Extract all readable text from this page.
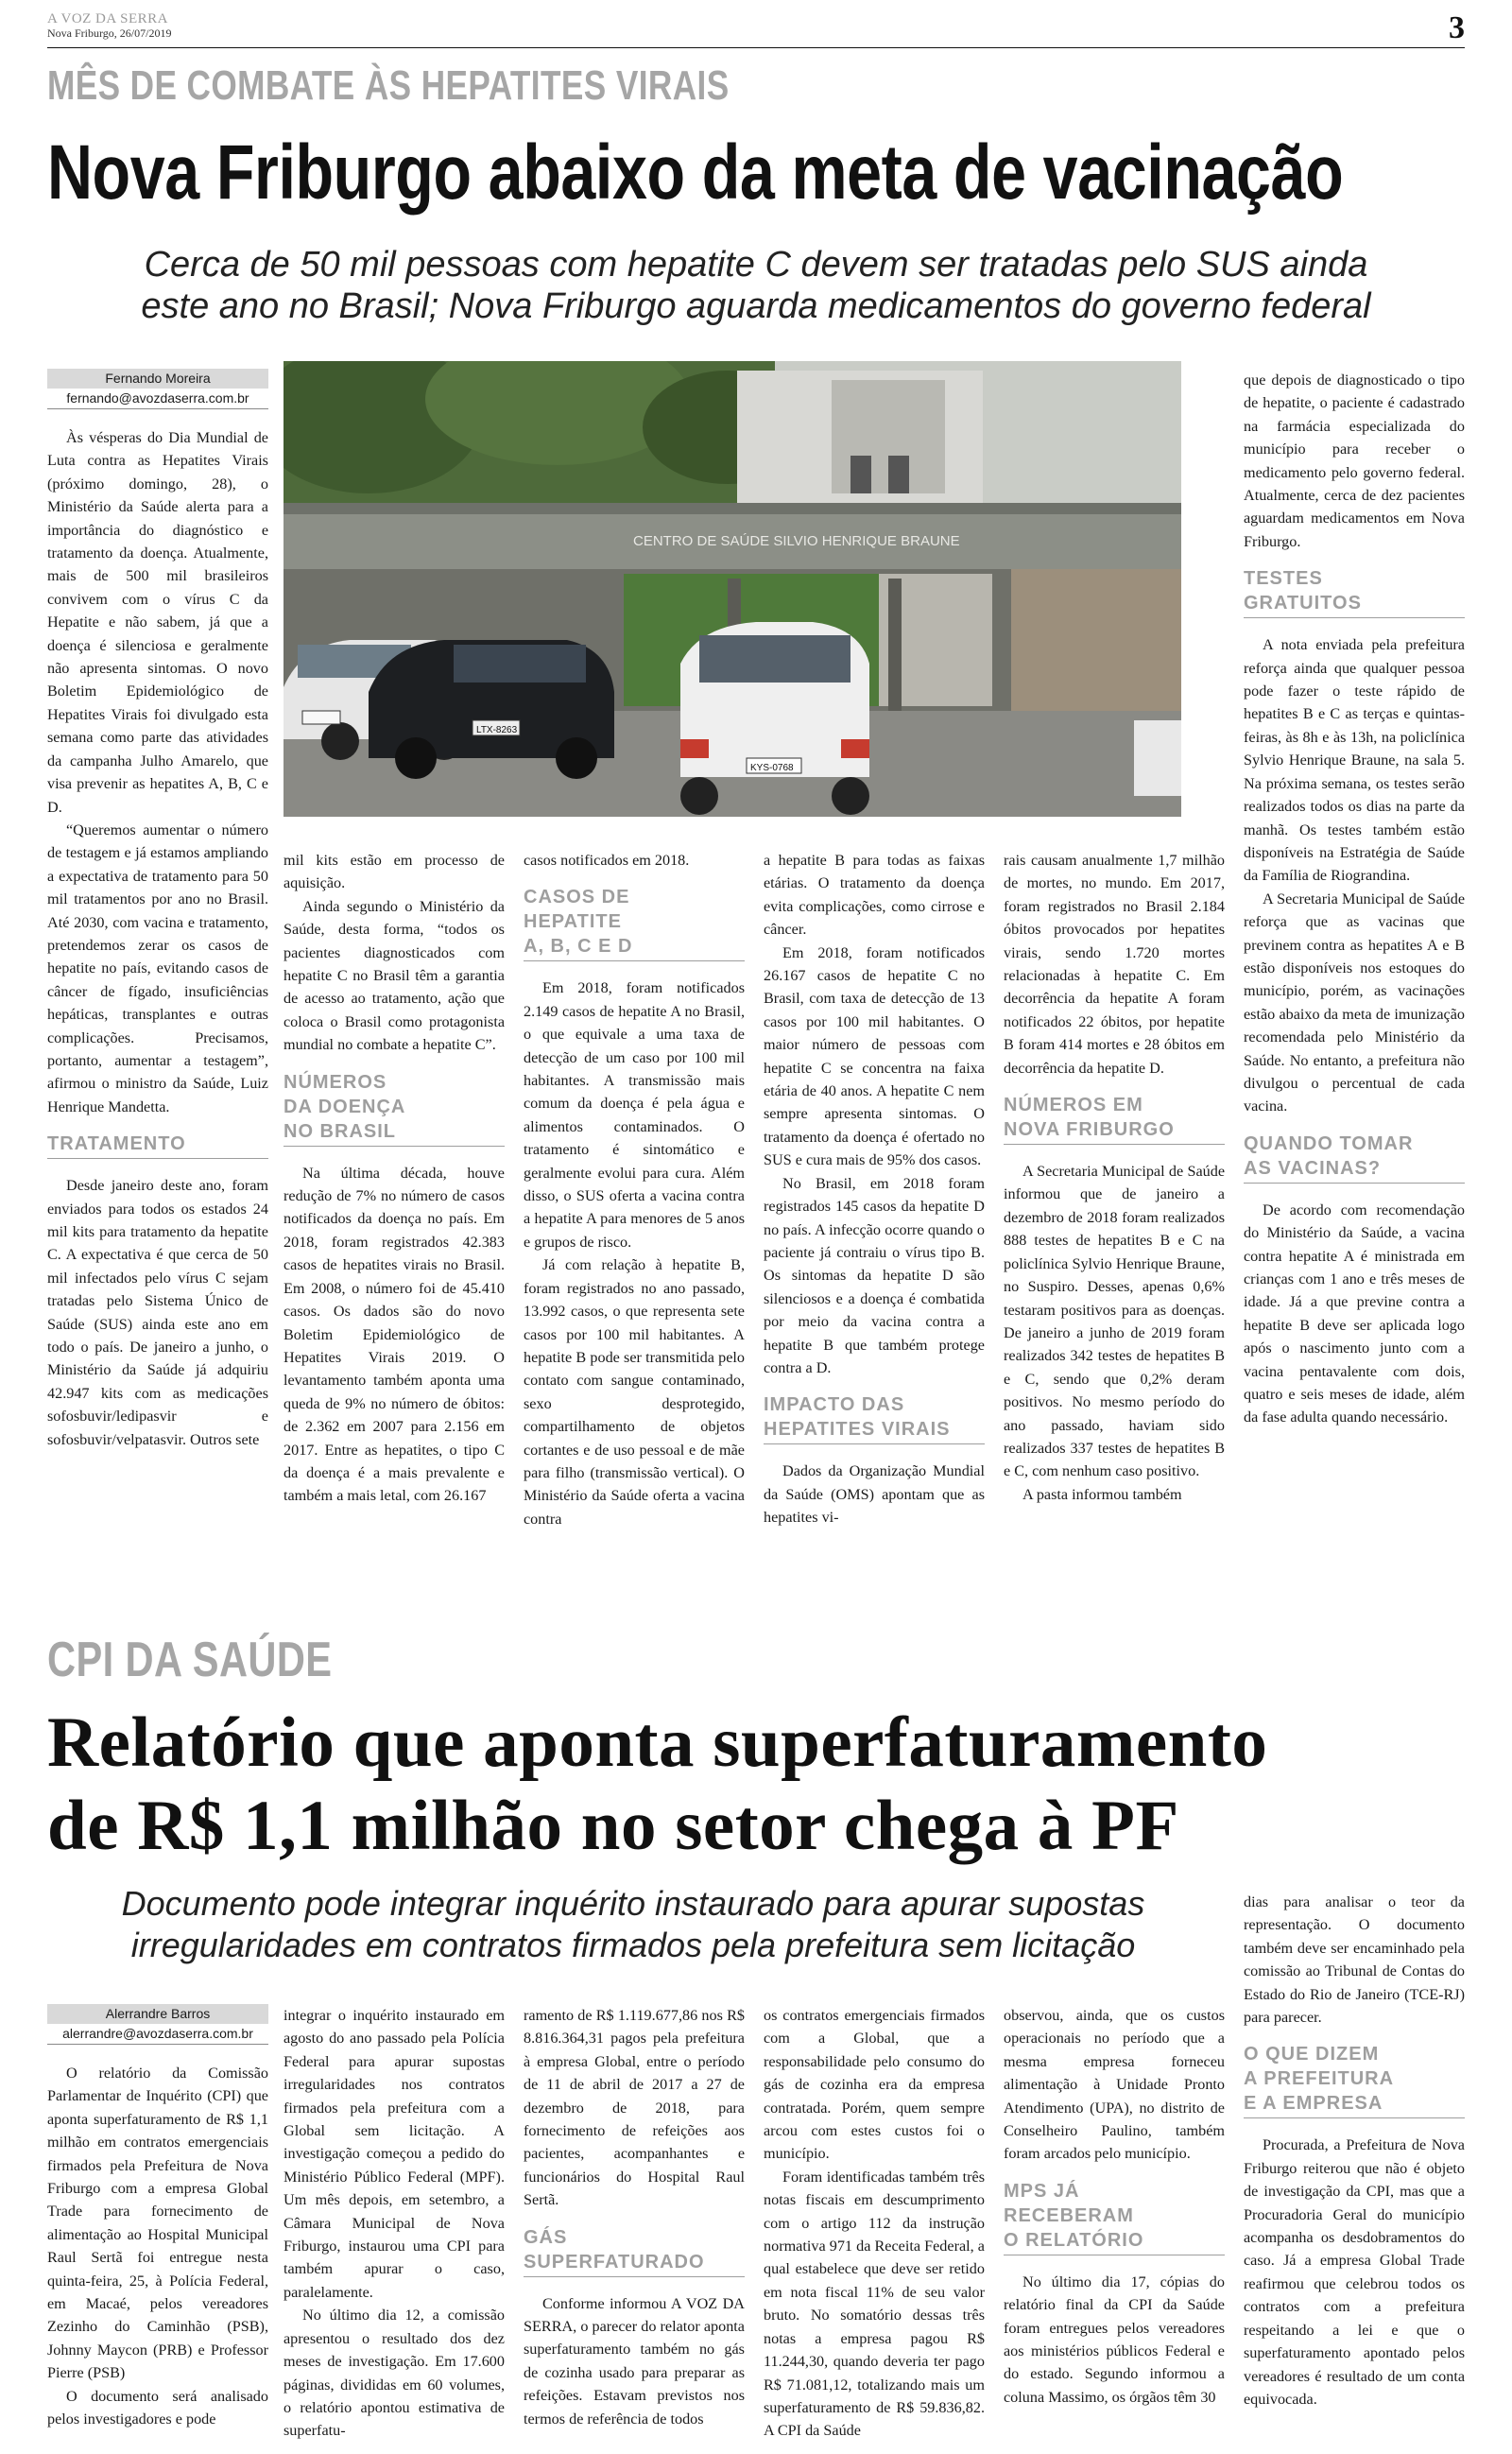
A VOZ DA SERRA
Nova Friburgo, 26/07/2019	3
MÊS DE COMBATE ÀS HEPATITES VIRAIS
Nova Friburgo abaixo da meta de vacinação
Cerca de 50 mil pessoas com hepatite C devem ser tratadas pelo SUS ainda
este ano no Brasil; Nova Friburgo aguarda medicamentos do governo federal
Fernando Moreira
fernando@avozdaserra.com.br

Às vésperas do Dia Mundial de Luta contra as Hepatites Virais (próximo domingo, 28), o Ministério da Saúde alerta para a importância do diagnóstico e tratamento da doença. Atualmente, mais de 500 mil brasileiros convivem com o vírus C da Hepatite e não sabem, já que a doença é silenciosa e geralmente não apresenta sintomas. O novo Boletim Epidemiológico de Hepatites Virais foi divulgado esta semana como parte das atividades da campanha Julho Amarelo, que visa prevenir as hepatites A, B, C e D.

“Queremos aumentar o número de testagem e já estamos ampliando a expectativa de tratamento para 50 mil tratamentos por ano no Brasil. Até 2030, com vacina e tratamento, pretendemos zerar os casos de hepatite no país, evitando casos de câncer de fígado, insuficiências hepáticas, transplantes e outras complicações. Precisamos, portanto, aumentar a testagem”, afirmou o ministro da Saúde, Luiz Henrique Mandetta.

TRATAMENTO

Desde janeiro deste ano, foram enviados para todos os estados 24 mil kits para tratamento da hepatite C. A expectativa é que cerca de 50 mil infectados pelo vírus C sejam tratadas pelo Sistema Único de Saúde (SUS) ainda este ano em todo o país. De janeiro a junho, o Ministério da Saúde já adquiriu 42.947 kits com as medicações sofosbuvir/ledipasvir e sofosbuvir/velpatasvir. Outros sete

CENTRO DE SAÚDE SILVIO HENRIQUE BRAUNE
LTX-8263
KYS-0768

mil kits estão em processo de aquisição.

Ainda segundo o Ministério da Saúde, desta forma, “todos os pacientes diagnosticados com hepatite C no Brasil têm a garantia de acesso ao tratamento, ação que coloca o Brasil como protagonista mundial no combate a hepatite C”.

NÚMEROS
DA DOENÇA
NO BRASIL

Na última década, houve redução de 7% no número de casos notificados da doença no país. Em 2018, foram registrados 42.383 casos de hepatites virais no Brasil. Em 2008, o número foi de 45.410 casos. Os dados são do novo Boletim Epidemiológico de Hepatites Virais 2019. O levantamento também aponta uma queda de 9% no número de óbitos: de 2.362 em 2007 para 2.156 em 2017. Entre as hepatites, o tipo C da doença é a mais prevalente e também a mais letal, com 26.167

casos notificados em 2018.

CASOS DE
HEPATITE
A, B, C E D

Em 2018, foram notificados 2.149 casos de hepatite A no Brasil, o que equivale a uma taxa de detecção de um caso por 100 mil habitantes. A transmissão mais comum da doença é pela água e alimentos contaminados. O tratamento é sintomático e geralmente evolui para cura. Além disso, o SUS oferta a vacina contra a hepatite A para menores de 5 anos e grupos de risco.

Já com relação à hepatite B, foram registrados no ano passado, 13.992 casos, o que representa sete casos por 100 mil habitantes. A hepatite B pode ser transmitida pelo contato com sangue contaminado, sexo desprotegido, compartilhamento de objetos cortantes e de uso pessoal e de mãe para filho (transmissão vertical). O Ministério da Saúde oferta a vacina contra

a hepatite B para todas as faixas etárias. O tratamento da doença evita complicações, como cirrose e câncer.

Em 2018, foram notificados 26.167 casos de hepatite C no Brasil, com taxa de detecção de 13 casos por 100 mil habitantes. O maior número de pessoas com hepatite C se concentra na faixa etária de 40 anos. A hepatite C nem sempre apresenta sintomas. O tratamento da doença é ofertado no SUS e cura mais de 95% dos casos.

No Brasil, em 2018 foram registrados 145 casos da hepatite D no país. A infecção ocorre quando o paciente já contraiu o vírus tipo B. Os sintomas da hepatite D são silenciosos e a doença é combatida por meio da vacina contra a hepatite B que também protege contra a D.

IMPACTO DAS
HEPATITES VIRAIS

Dados da Organização Mundial da Saúde (OMS) apontam que as hepatites vi-

rais causam anualmente 1,7 milhão de mortes, no mundo. Em 2017, foram registrados no Brasil 2.184 óbitos provocados por hepatites virais, sendo 1.720 mortes relacionadas à hepatite C. Em decorrência da hepatite A foram notificados 22 óbitos, por hepatite B foram 414 mortes e 28 óbitos em decorrência da hepatite D.

NÚMEROS EM
NOVA FRIBURGO

A Secretaria Municipal de Saúde informou que de janeiro a dezembro de 2018 foram realizados 888 testes de hepatites B e C na policlínica Sylvio Henrique Braune, no Suspiro. Desses, apenas 0,6% testaram positivos para as doenças. De janeiro a junho de 2019 foram realizados 342 testes de hepatites B e C, sendo que 0,2% deram positivos. No mesmo período do ano passado, haviam sido realizados 337 testes de hepatites B e C, com nenhum caso positivo.

A pasta informou também

que depois de diagnosticado o tipo de hepatite, o paciente é cadastrado na farmácia especializada do município para receber o medicamento pelo governo federal. Atualmente, cerca de dez pacientes aguardam medicamentos em Nova Friburgo.

TESTES
GRATUITOS

A nota enviada pela prefeitura reforça ainda que qualquer pessoa pode fazer o teste rápido de hepatites B e C as terças e quintas-feiras, às 8h e às 13h, na policlínica Sylvio Henrique Braune, na sala 5. Na próxima semana, os testes serão realizados todos os dias na parte da manhã. Os testes também estão disponíveis na Estratégia de Saúde da Família de Riograndina.

A Secretaria Municipal de Saúde reforça que as vacinas que previnem contra as hepatites A e B estão disponíveis nos estoques do município, porém, as vacinações estão abaixo da meta de imunização recomendada pelo Ministério da Saúde. No entanto, a prefeitura não divulgou o percentual de cada vacina.

QUANDO TOMAR
AS VACINAS?

De acordo com recomendação do Ministério da Saúde, a vacina contra hepatite A é ministrada em crianças com 1 ano e três meses de idade. Já a que previne contra a hepatite B deve ser aplicada logo após o nascimento junto com a vacina pentavalente com dois, quatro e seis meses de idade, além da fase adulta quando necessário.

CPI DA SAÚDE
Relatório que aponta superfaturamento
de R$ 1,1 milhão no setor chega à PF
Documento pode integrar inquérito instaurado para apurar supostas
irregularidades em contratos firmados pela prefeitura sem licitação
Alerrandre Barros
alerrandre@avozdaserra.com.br

O relatório da Comissão Parlamentar de Inquérito (CPI) que aponta superfaturamento de R$ 1,1 milhão em contratos emergenciais firmados pela Prefeitura de Nova Friburgo com a empresa Global Trade para fornecimento de alimentação ao Hospital Municipal Raul Sertã foi entregue nesta quinta-feira, 25, à Polícia Federal, em Macaé, pelos vereadores Zezinho do Caminhão (PSB), Johnny Maycon (PRB) e Professor Pierre (PSB)

O documento será analisado pelos investigadores e pode

integrar o inquérito instaurado em agosto do ano passado pela Polícia Federal para apurar supostas irregularidades nos contratos firmados pela prefeitura com a Global sem licitação. A investigação começou a pedido do Ministério Público Federal (MPF). Um mês depois, em setembro, a Câmara Municipal de Nova Friburgo, instaurou uma CPI para também apurar o caso, paralelamente.

No último dia 12, a comissão apresentou o resultado dos dez meses de investigação. Em 17.600 páginas, divididas em 60 volumes, o relatório apontou estimativa de superfatu-

ramento de R$ 1.119.677,86 nos R$ 8.816.364,31 pagos pela prefeitura à empresa Global, entre o período de 11 de abril de 2017 a 27 de dezembro de 2018, para fornecimento de refeições aos pacientes, acompanhantes e funcionários do Hospital Raul Sertã.

GÁS
SUPERFATURADO

Conforme informou A VOZ DA SERRA, o parecer do relator aponta superfaturamento também no gás de cozinha usado para preparar as refeições. Estavam previstos nos termos de referência de todos

os contratos emergenciais firmados com a Global, que a responsabilidade pelo consumo do gás de cozinha era da empresa contratada. Porém, quem sempre arcou com estes custos foi o município.

Foram identificadas também três notas fiscais em descumprimento com o artigo 112 da instrução normativa 971 da Receita Federal, a qual estabelece que deve ser retido em nota fiscal 11% de seu valor bruto. No somatório dessas três notas a empresa pagou R$ 11.244,30, quando deveria ter pago R$ 71.081,12, totalizando mais um superfaturamento de R$ 59.836,82. A CPI da Saúde

observou, ainda, que os custos operacionais no período que a mesma empresa forneceu alimentação à Unidade Pronto Atendimento (UPA), no distrito de Conselheiro Paulino, também foram arcados pelo município.

MPS JÁ
RECEBERAM
O RELATÓRIO

No último dia 17, cópias do relatório final da CPI da Saúde foram entregues pelos vereadores aos ministérios públicos Federal e do estado. Segundo informou a coluna Massimo, os órgãos têm 30

dias para analisar o teor da representação. O documento também deve ser encaminhado pela comissão ao Tribunal de Contas do Estado do Rio de Janeiro (TCE-RJ) para parecer.

O QUE DIZEM
A PREFEITURA
E A EMPRESA

Procurada, a Prefeitura de Nova Friburgo reiterou que não é objeto de investigação da CPI, mas que a Procuradoria Geral do município acompanha os desdobramentos do caso. Já a empresa Global Trade reafirmou que celebrou todos os contratos com a prefeitura respeitando a lei e que o superfaturamento apontado pelos vereadores é resultado de um conta equivocada.
